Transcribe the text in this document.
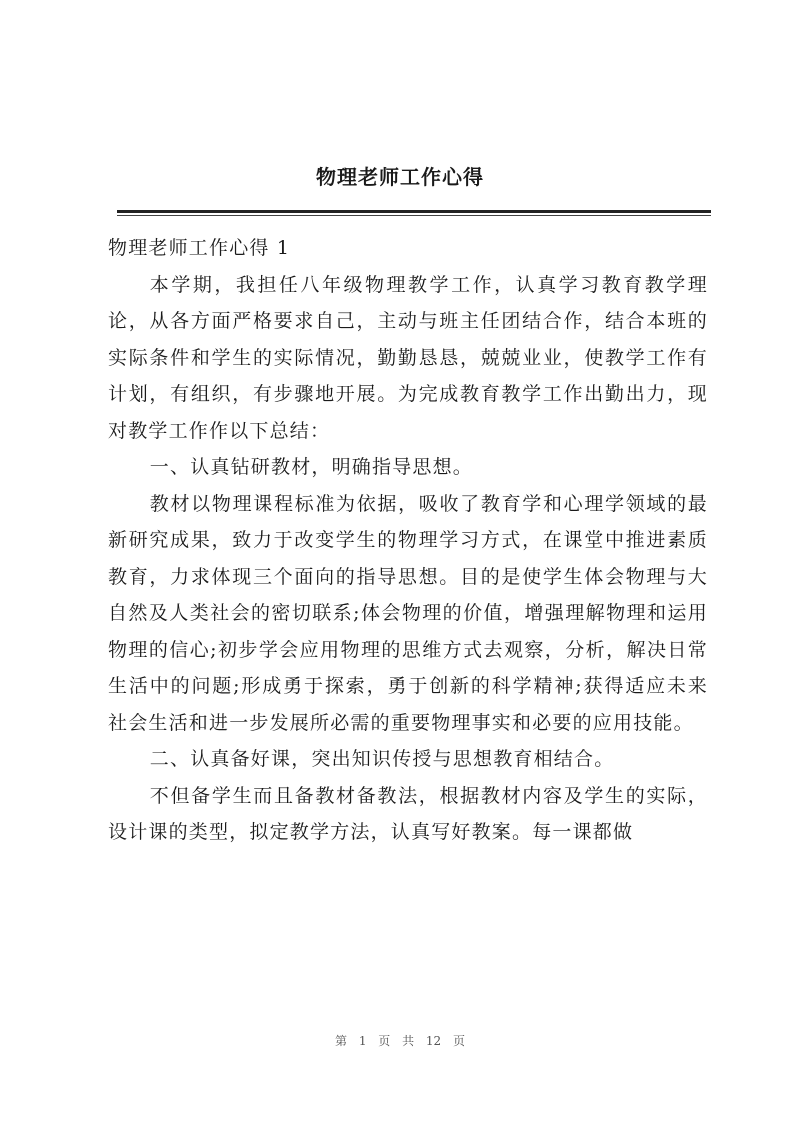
物理老师工作心得

物理老师工作心得 1

本学期，我担任八年级物理教学工作，认真学习教育教学理论，从各方面严格要求自己，主动与班主任团结合作，结合本班的实际条件和学生的实际情况，勤勤恳恳，兢兢业业，使教学工作有计划，有组织，有步骤地开展。为完成教育教学工作出勤出力，现对教学工作作以下总结：

一、认真钻研教材，明确指导思想。

教材以物理课程标准为依据，吸收了教育学和心理学领域的最新研究成果，致力于改变学生的物理学习方式，在课堂中推进素质教育，力求体现三个面向的指导思想。目的是使学生体会物理与大自然及人类社会的密切联系;体会物理的价值，增强理解物理和运用物理的信心;初步学会应用物理的思维方式去观察，分析，解决日常生活中的问题;形成勇于探索，勇于创新的科学精神;获得适应未来社会生活和进一步发展所必需的重要物理事实和必要的应用技能。

二、认真备好课，突出知识传授与思想教育相结合。

不但备学生而且备教材备教法，根据教材内容及学生的实际，设计课的类型，拟定教学方法，认真写好教案。每一课都做

第 1 页 共 12 页
